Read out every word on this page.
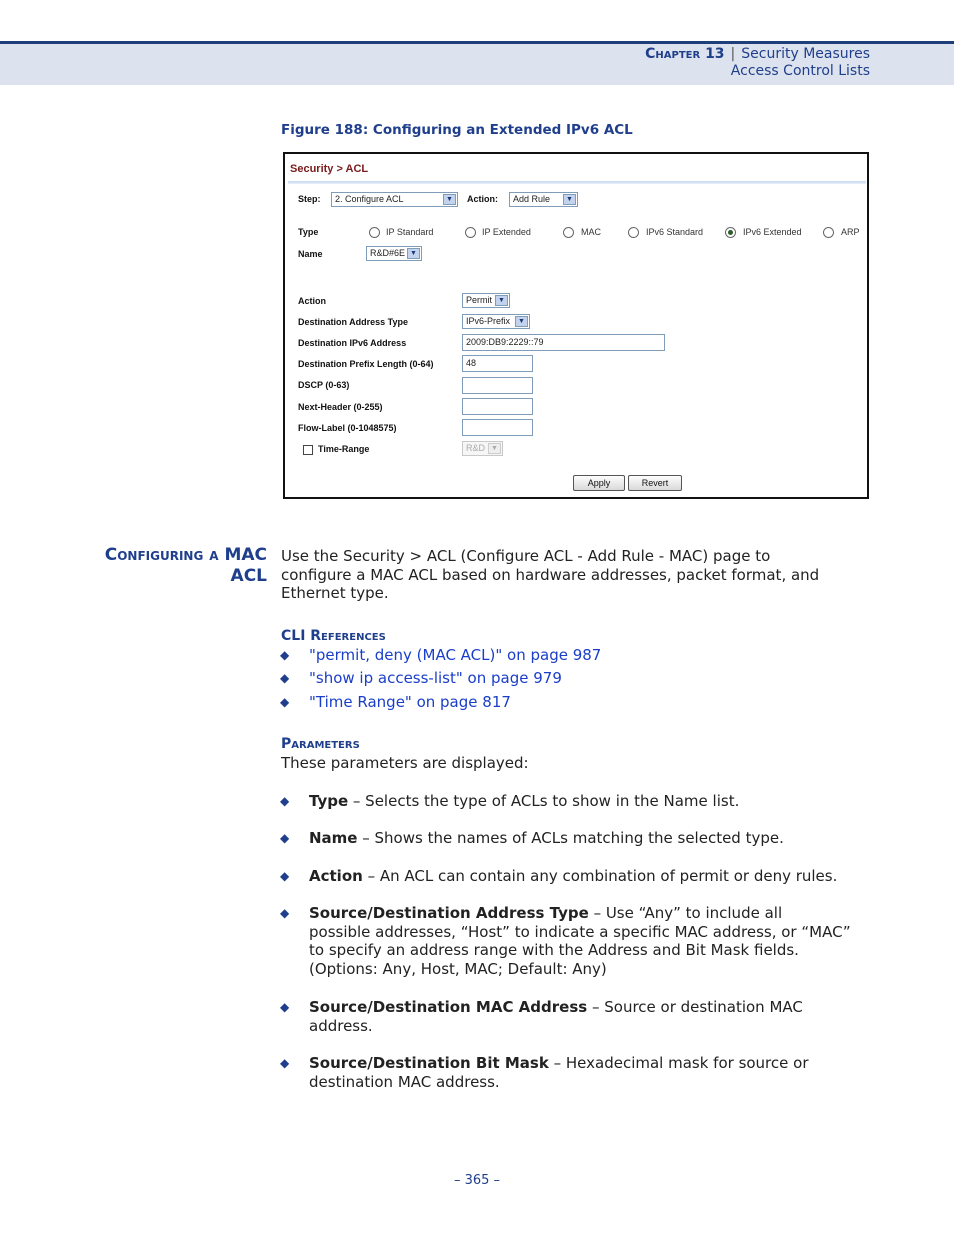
Chapter 13 | Security Measures
Access Control Lists
Figure 188: Configuring an Extended IPv6 ACL
Security > ACL
Step:	2. Configure ACL	▼	Action:	Add Rule	▼
Type	IP Standard	IP Extended	MAC	IPv6 Standard	IPv6 Extended	ARP
Name	R&D#6E ▼
Action	Permit ▼
Destination Address Type	IPv6-Prefix	▼
Destination IPv6 Address	2009:DB9:2229::79
Destination Prefix Length (0-64)	48
DSCP (0-63)
Next-Header (0-255)
Flow-Label (0-1048575)
Time-Range	R&D ▼
Apply	Revert
Configuring a MAC
ACL
Use the Security > ACL (Configure ACL - Add Rule - MAC) page to
configure a MAC ACL based on hardware addresses, packet format, and
Ethernet type.
CLI References
◆ "permit, deny (MAC ACL)" on page 987
◆ "show ip access-list" on page 979
◆ "Time Range" on page 817
Parameters
These parameters are displayed:
◆ Type – Selects the type of ACLs to show in the Name list.
◆ Name – Shows the names of ACLs matching the selected type.
◆ Action – An ACL can contain any combination of permit or deny rules.
◆ Source/Destination Address Type – Use “Any” to include all
possible addresses, “Host” to indicate a specific MAC address, or “MAC”
to specify an address range with the Address and Bit Mask fields.
(Options: Any, Host, MAC; Default: Any)
◆ Source/Destination MAC Address – Source or destination MAC
address.
◆ Source/Destination Bit Mask – Hexadecimal mask for source or
destination MAC address.
– 365 –
